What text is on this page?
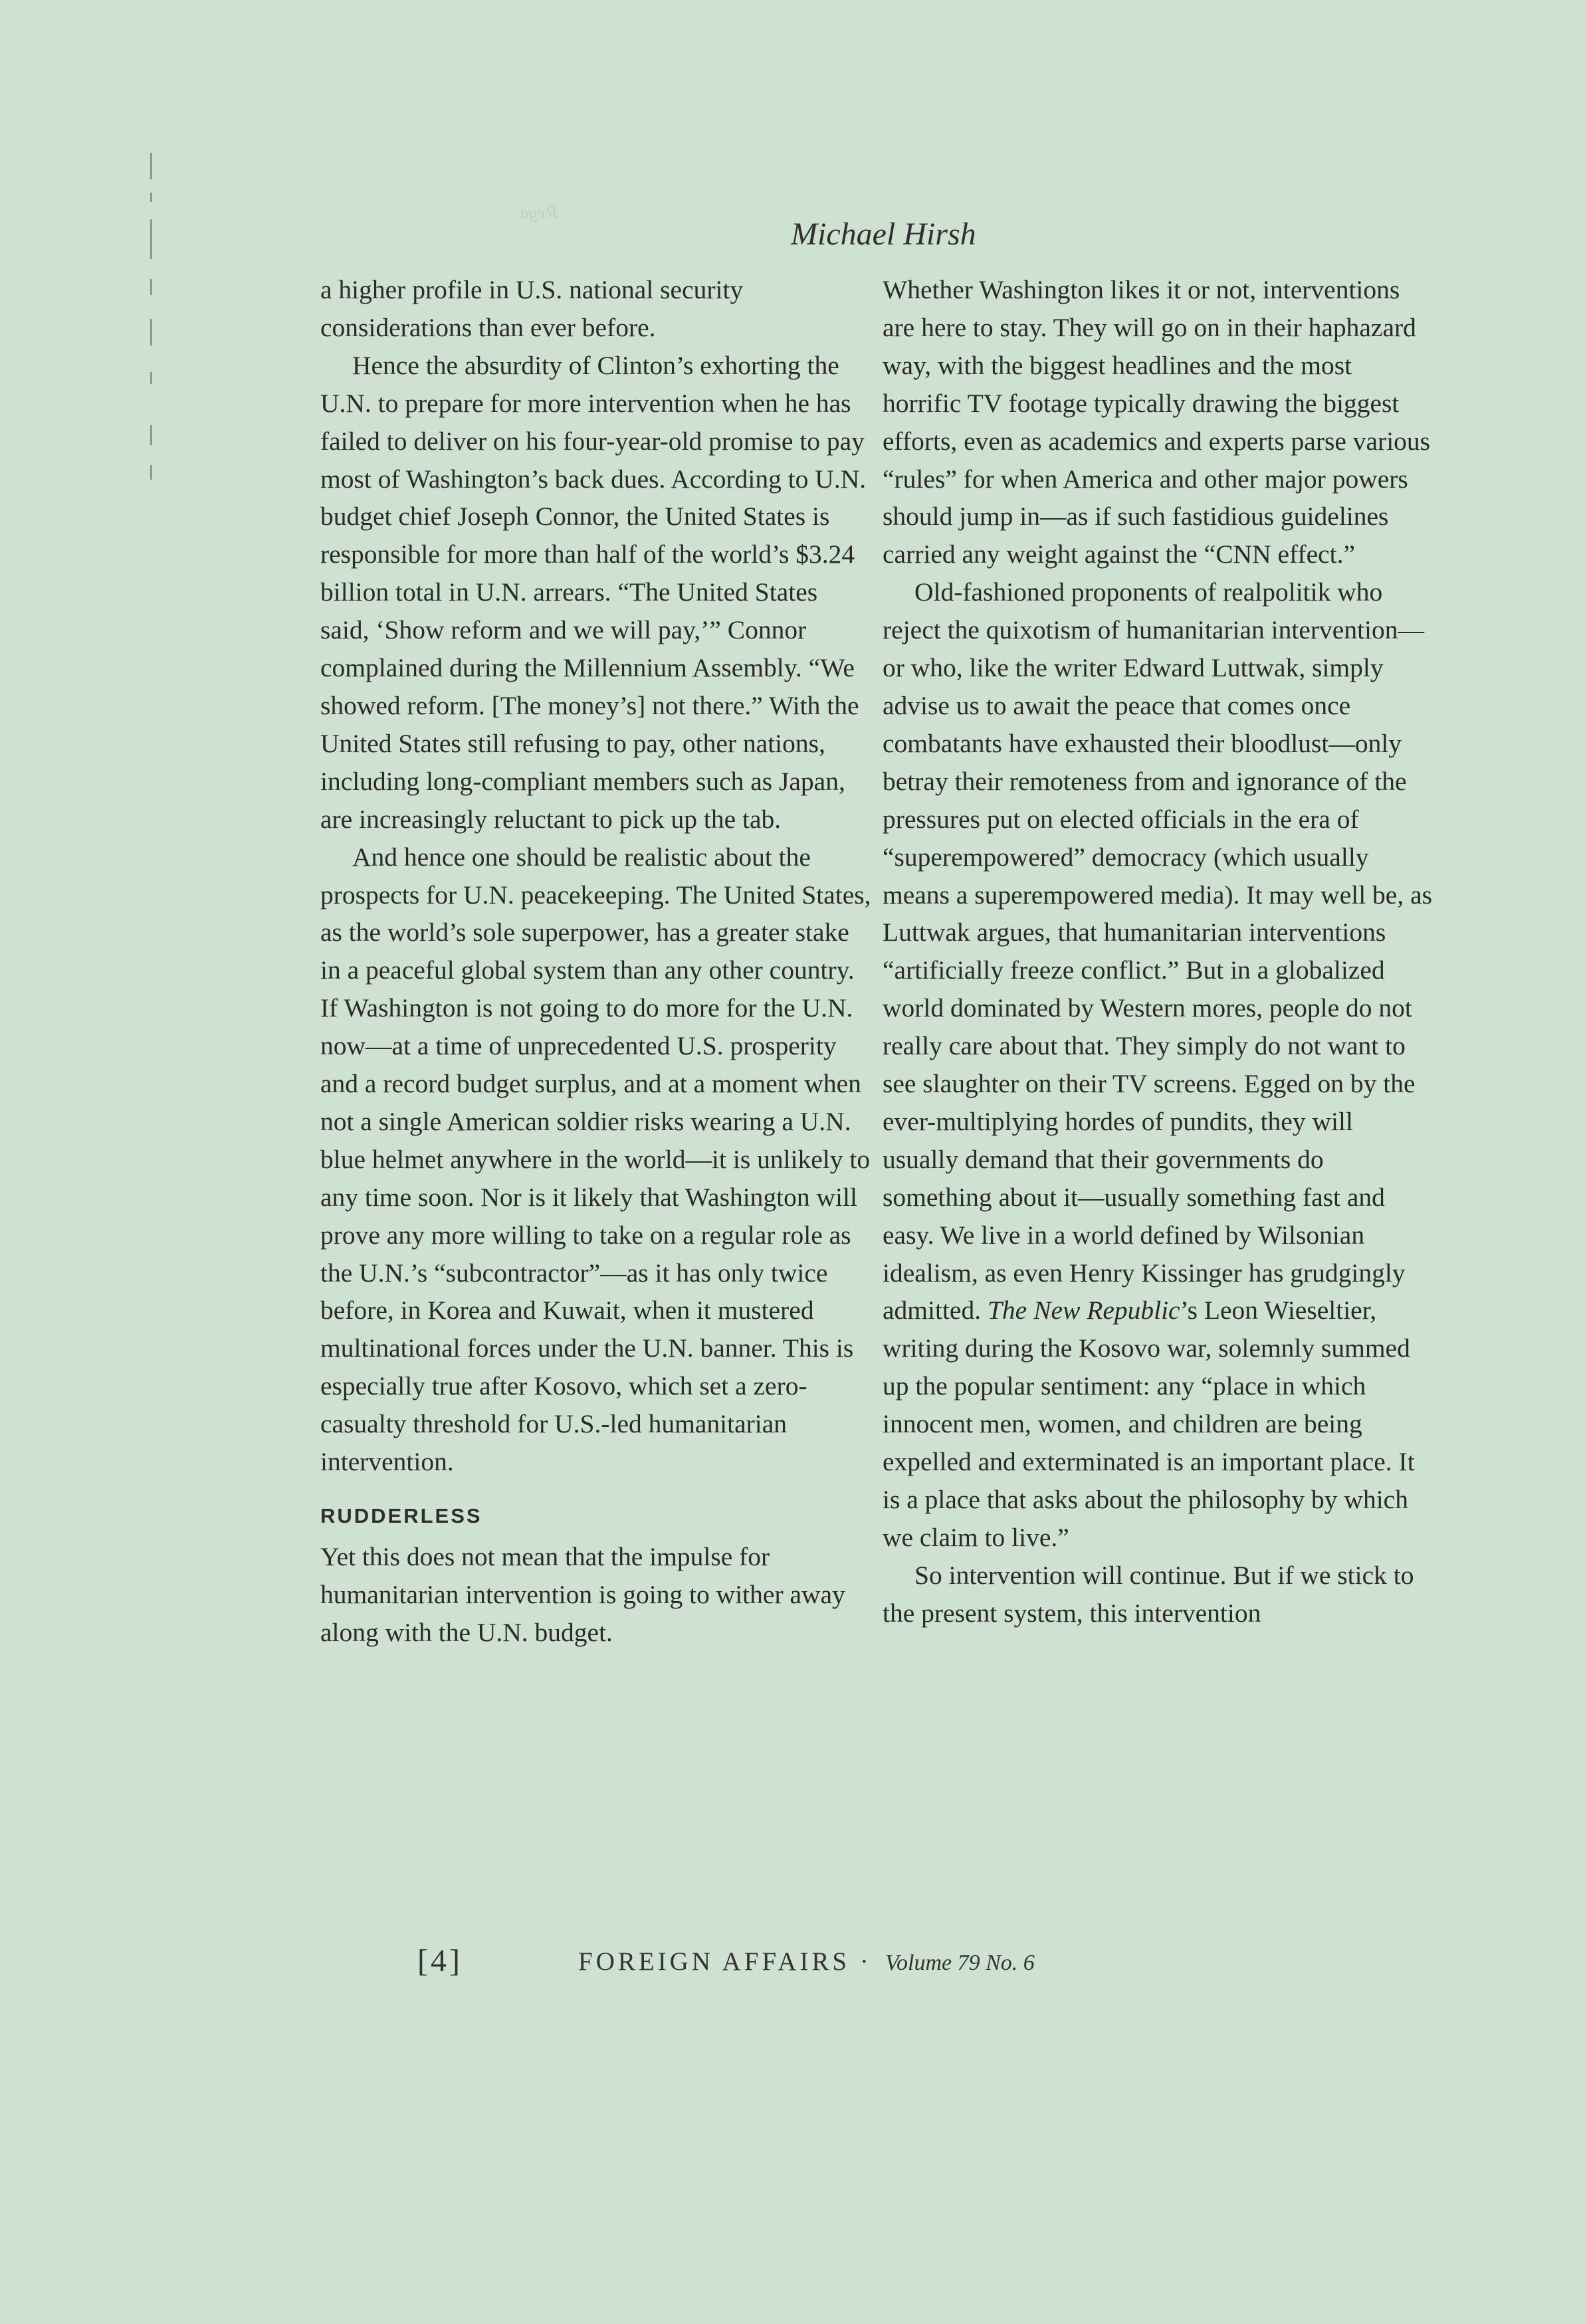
ᴿᵉᵍᵃ
Michael Hirsh

a higher profile in U.S. national security considerations than ever before.

Hence the absurdity of Clinton’s exhorting the U.N. to prepare for more intervention when he has failed to deliver on his four-year-old promise to pay most of Washington’s back dues. According to U.N. budget chief Joseph Connor, the United States is responsible for more than half of the world’s $3.24 billion total in U.N. arrears. “The United States said, ‘Show reform and we will pay,’” Connor complained during the Millennium Assembly. “We showed reform. [The money’s] not there.” With the United States still refusing to pay, other nations, including long-compliant members such as Japan, are increasingly reluctant to pick up the tab.

And hence one should be realistic about the prospects for U.N. peacekeeping. The United States, as the world’s sole superpower, has a greater stake in a peaceful global system than any other country. If Washington is not going to do more for the U.N. now—at a time of unprecedented U.S. prosperity and a record budget surplus, and at a moment when not a single American soldier risks wearing a U.N. blue helmet anywhere in the world—it is unlikely to any time soon. Nor is it likely that Washington will prove any more willing to take on a regular role as the U.N.’s “subcontractor”—as it has only twice before, in Korea and Kuwait, when it mustered multinational forces under the U.N. banner. This is especially true after Kosovo, which set a zero-casualty threshold for U.S.-led humanitarian intervention.

RUDDERLESS

Yet this does not mean that the impulse for humanitarian intervention is going to wither away along with the U.N. budget.

Whether Washington likes it or not, interventions are here to stay. They will go on in their haphazard way, with the biggest headlines and the most horrific TV footage typically drawing the biggest efforts, even as academics and experts parse various “rules” for when America and other major powers should jump in—as if such fastidious guidelines carried any weight against the “CNN effect.”

Old-fashioned proponents of realpolitik who reject the quixotism of humanitarian intervention—or who, like the writer Edward Luttwak, simply advise us to await the peace that comes once combatants have exhausted their bloodlust—only betray their remoteness from and ignorance of the pressures put on elected officials in the era of “superempowered” democracy (which usually means a superempowered media). It may well be, as Luttwak argues, that humanitarian interventions “artificially freeze conflict.” But in a globalized world dominated by Western mores, people do not really care about that. They simply do not want to see slaughter on their TV screens. Egged on by the ever-multiplying hordes of pundits, they will usually demand that their governments do something about it—usually something fast and easy. We live in a world defined by Wilsonian idealism, as even Henry Kissinger has grudgingly admitted. The New Republic’s Leon Wieseltier, writing during the Kosovo war, solemnly summed up the popular sentiment: any “place in which innocent men, women, and children are being expelled and exterminated is an important place. It is a place that asks about the philosophy by which we claim to live.”

So intervention will continue. But if we stick to the present system, this intervention

[4]	FOREIGN AFFAIRS · Volume 79 No. 6
